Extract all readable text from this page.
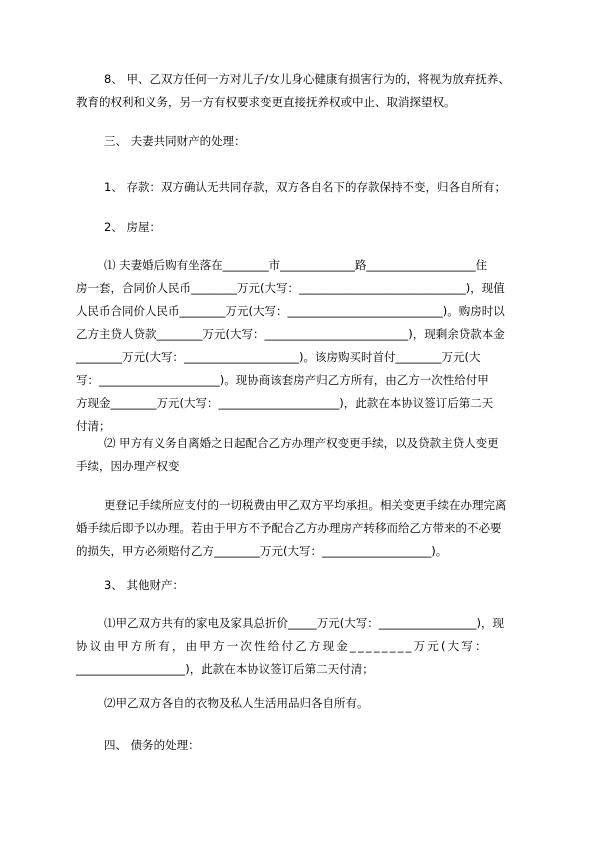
8、 甲、乙双方任何一方对儿子/女儿身心健康有损害行为的，将视为放弃抚养、
教育的权利和义务，另一方有权要求变更直接抚养权或中止、取消探望权。

三、 夫妻共同财产的处理：

1、 存款：双方确认无共同存款，双方各自名下的存款保持不变，归各自所有；

2、 房屋：

⑴ 夫妻婚后购有坐落在________市_____________路___________________住
房一套，合同价人民币________万元(大写：_____________________________)，现值
人民币合同价人民币________万元(大写：___________________________)。购房时以
乙方主贷人贷款________万元(大写：_________________________)，现剩余贷款本金
________万元(大写：____________________)。该房购买时首付________万元(大
写：_____________________)。现协商该套房产归乙方所有，由乙方一次性给付甲
方现金________万元(大写：_____________________)，此款在本协议签订后第二天
付清；

⑵ 甲方有义务自离婚之日起配合乙方办理产权变更手续，以及贷款主贷人变更
手续，因办理产权变

更登记手续所应支付的一切税费由甲乙双方平均承担。相关变更手续在办理完离
婚手续后即予以办理。若由于甲方不予配合乙方办理房产转移而给乙方带来的不必要
的损失，甲方必须赔付乙方________万元(大写：___________________)。

3、 其他财产：

⑴甲乙双方共有的家电及家具总折价_____万元(大写：_________________)，现
协议由甲方所有，由甲方一次性给付乙方现金________万元(大写：
___________________)，此款在本协议签订后第二天付清；

⑵甲乙双方各自的衣物及私人生活用品归各自所有。

四、 债务的处理：
